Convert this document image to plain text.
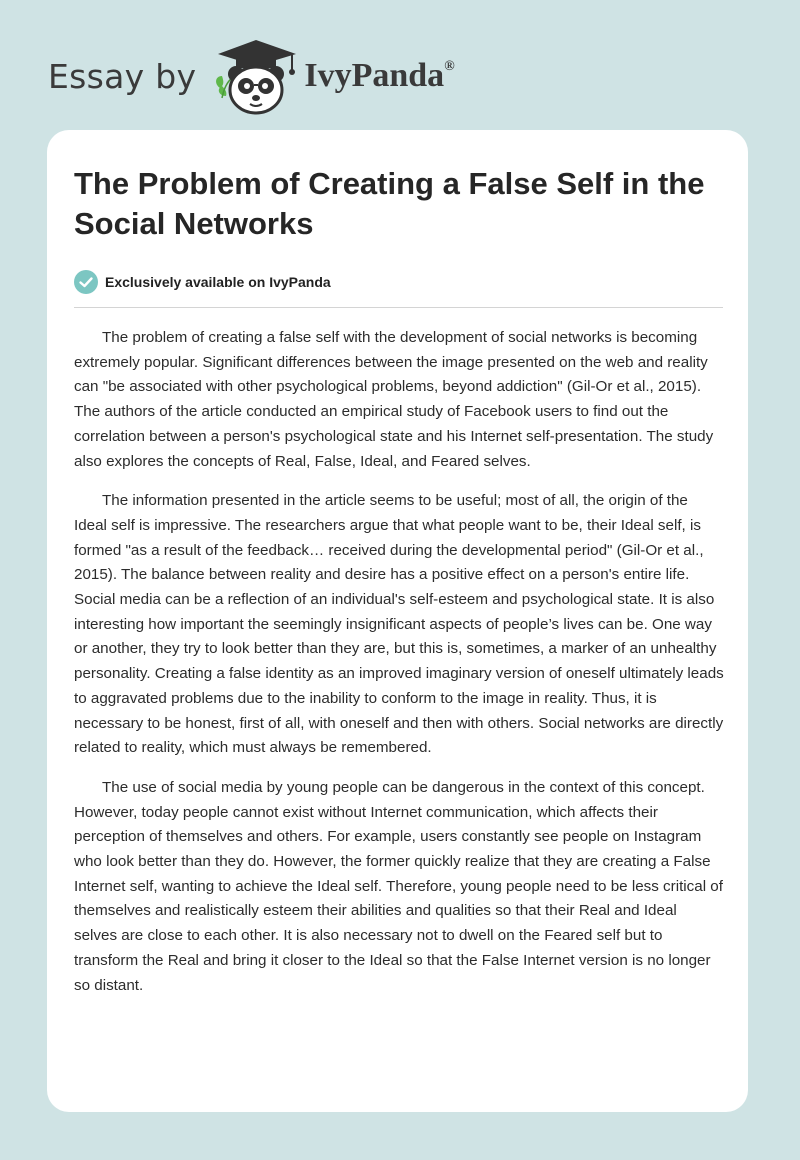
Essay by	IvyPanda®
The Problem of Creating a False Self in the Social Networks
Exclusively available on IvyPanda

The problem of creating a false self with the development of social networks is becoming extremely popular. Significant differences between the image presented on the web and reality can "be associated with other psychological problems, beyond addiction" (Gil-Or et al., 2015). The authors of the article conducted an empirical study of Facebook users to find out the correlation between a person's psychological state and his Internet self-presentation. The study also explores the concepts of Real, False, Ideal, and Feared selves.

The information presented in the article seems to be useful; most of all, the origin of the Ideal self is impressive. The researchers argue that what people want to be, their Ideal self, is formed "as a result of the feedback… received during the developmental period" (Gil-Or et al., 2015). The balance between reality and desire has a positive effect on a person's entire life. Social media can be a reflection of an individual's self-esteem and psychological state. It is also interesting how important the seemingly insignificant aspects of people’s lives can be. One way or another, they try to look better than they are, but this is, sometimes, a marker of an unhealthy personality. Creating a false identity as an improved imaginary version of oneself ultimately leads to aggravated problems due to the inability to conform to the image in reality. Thus, it is necessary to be honest, first of all, with oneself and then with others. Social networks are directly related to reality, which must always be remembered.

The use of social media by young people can be dangerous in the context of this concept. However, today people cannot exist without Internet communication, which affects their perception of themselves and others. For example, users constantly see people on Instagram who look better than they do. However, the former quickly realize that they are creating a False Internet self, wanting to achieve the Ideal self. Therefore, young people need to be less critical of themselves and realistically esteem their abilities and qualities so that their Real and Ideal selves are close to each other. It is also necessary not to dwell on the Feared self but to transform the Real and bring it closer to the Ideal so that the False Internet version is no longer so distant.
